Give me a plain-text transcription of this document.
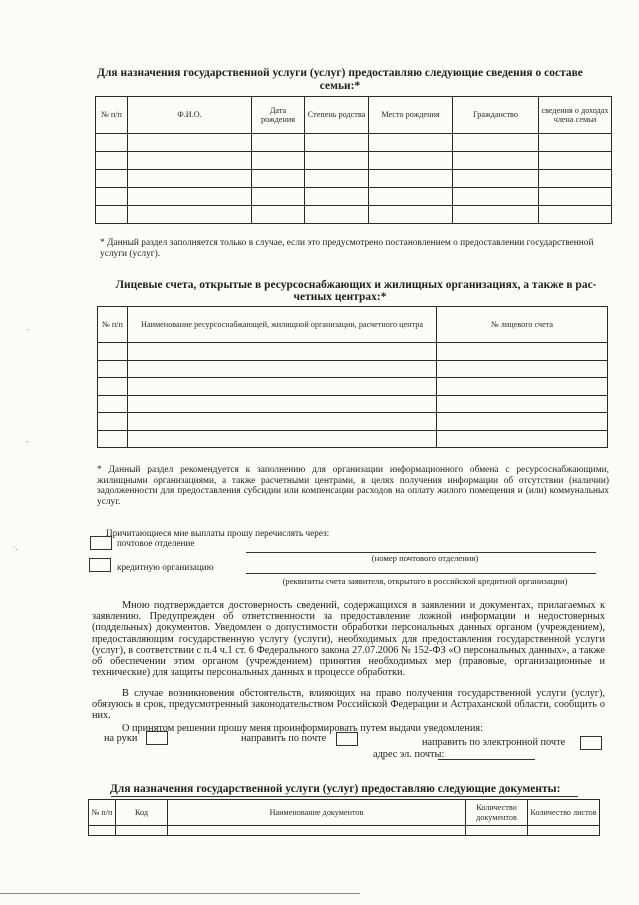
Для назначения государственной услуги (услуг) предоставляю следующие сведения о составе
семьи:*
№ п/п	Ф.И.О.	Дата рождения	Степень родства	Место рождения	Гражданство	сведения о доходах члена семьи

* Данный раздел заполняется только в случае, если это предусмотрено постановлением о предоставлении государственной услуги (услуг).
Лицевые счета, открытые в ресурсоснабжающих и жилищных организациях, а также в рас-
четных центрах:*
№ п/п	Наименование ресурсоснабжающей, жилищной организации, расчетного центра	№ лицевого счета

* Данный раздел рекомендуется к заполнению для организации информационного обмена с ресурсоснабжающими, жилищными организациями, а также расчетными центрами, в целях получения информации об отсутствии (наличии) задолженности для предоставления субсидии или компенсации расходов на оплату жилого помещения и (или) коммунальных услуг.
Причитающиеся мне выплаты прошу перечислять через:
почтовое отделение
(номер почтового отделения)
кредитную организацию
(реквизиты счета заявителя, открытого в российской кредитной организации)
Мною подтверждается достоверность сведений, содержащихся в заявлении и документах, прилагаемых к заявлению. Предупрежден об ответственности за предоставление ложной информации и недостоверных (поддельных) документов. Уведомлен о допустимости обработки персональных данных органом (учреждением), предоставляющим государственную услугу (услуги), необходимых для предоставления государственной услуги (услуг), в соответствии с п.4 ч.1 ст. 6 Федерального закона 27.07.2006 № 152-ФЗ «О персональных данных», а также об обеспечении этим органом (учреждением) принятия необходимых мер (правовые, организационные и технические) для защиты персональных данных в процессе обработки.
В случае возникновения обстоятельств, влияющих на право получения государственной услуги (услуг), обязуюсь в срок, предусмотренный законодательством Российской Федерации и Астраханской области, сообщить о них.
О принятом решении прошу меня проинформировать путем выдачи уведомления:
на руки	направить по почте	направить по электронной почте
адрес эл. почты:
Для назначения государственной услуги (услуг) предоставляю следующие документы:
№ п/п	Код	Наименование документов	Количество документов	Количество листов

-
-
·.
